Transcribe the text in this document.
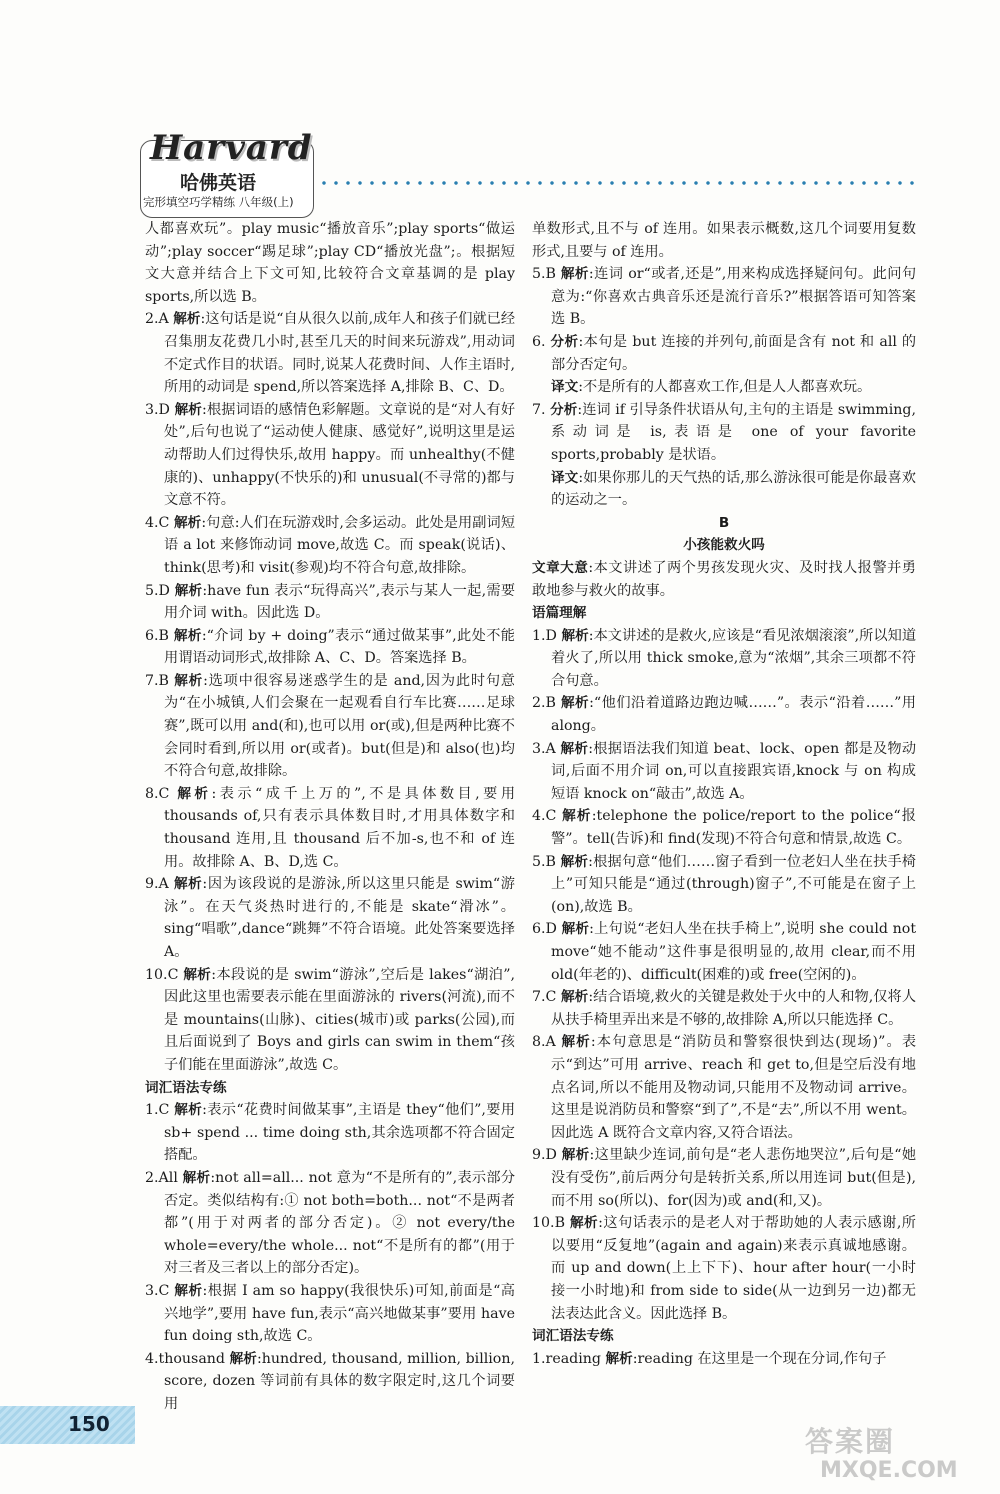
Harvard
哈佛英语
完形填空巧学精练 八年级(上)
人都喜欢玩”。play music“播放音乐”;play sports“做运动”;play soccer“踢足球”;play CD“播放光盘”;。根据短文大意并结合上下文可知,比较符合文章基调的是 play sports,所以选 B。
2.A 解析:这句话是说“自从很久以前,成年人和孩子们就已经召集朋友花费几小时,甚至几天的时间来玩游戏”,用动词不定式作目的状语。同时,说某人花费时间、人作主语时,所用的动词是 spend,所以答案选择 A,排除 B、C、D。
3.D 解析:根据词语的感情色彩解题。文章说的是“对人有好处”,后句也说了“运动使人健康、感觉好”,说明这里是运动帮助人们过得快乐,故用 happy。而 unhealthy(不健康的)、unhappy(不快乐的)和 unusual(不寻常的)都与文意不符。
4.C 解析:句意:人们在玩游戏时,会多运动。此处是用副词短语 a lot 来修饰动词 move,故选 C。而 speak(说话)、think(思考)和 visit(参观)均不符合句意,故排除。
5.D 解析:have fun 表示“玩得高兴”,表示与某人一起,需要用介词 with。因此选 D。
6.B 解析:“介词 by + doing”表示“通过做某事”,此处不能用谓语动词形式,故排除 A、C、D。答案选择 B。
7.B 解析:选项中很容易迷惑学生的是 and,因为此时句意为“在小城镇,人们会聚在一起观看自行车比赛……足球赛”,既可以用 and(和),也可以用 or(或),但是两种比赛不会同时看到,所以用 or(或者)。but(但是)和 also(也)均不符合句意,故排除。
8.C 解析:表示“成千上万的”,不是具体数目,要用 thousands of,只有表示具体数目时,才用具体数字和 thousand 连用,且 thousand 后不加-s,也不和 of 连用。故排除 A、B、D,选 C。
9.A 解析:因为该段说的是游泳,所以这里只能是 swim“游泳”。在天气炎热时进行的,不能是 skate“滑冰”。sing“唱歌”,dance“跳舞”不符合语境。此处答案要选择 A。
10.C 解析:本段说的是 swim“游泳”,空后是 lakes“湖泊”,因此这里也需要表示能在里面游泳的 rivers(河流),而不是 mountains(山脉)、cities(城市)或 parks(公园),而且后面说到了 Boys and girls can swim in them“孩子们能在里面游泳”,故选 C。
词汇语法专练
1.C 解析:表示“花费时间做某事”,主语是 they“他们”,要用 sb+ spend ... time doing sth,其余选项都不符合固定搭配。
2.All 解析:not all=all... not 意为“不是所有的”,表示部分否定。类似结构有:① not both=both... not“不是两者都”(用于对两者的部分否定)。② not every/the whole=every/the whole... not“不是所有的都”(用于对三者及三者以上的部分否定)。
3.C 解析:根据 I am so happy(我很快乐)可知,前面是“高兴地学”,要用 have fun,表示“高兴地做某事”要用 have fun doing sth,故选 C。
4.thousand 解析:hundred, thousand, million, billion, score, dozen 等词前有具体的数字限定时,这几个词要用
单数形式,且不与 of 连用。如果表示概数,这几个词要用复数形式,且要与 of 连用。
5.B 解析:连词 or“或者,还是”,用来构成选择疑问句。此问句意为:“你喜欢古典音乐还是流行音乐?”根据答语可知答案选 B。
6. 分析:本句是 but 连接的并列句,前面是含有 not 和 all 的部分否定句。
译文:不是所有的人都喜欢工作,但是人人都喜欢玩。
7. 分析:连词 if 引导条件状语从句,主句的主语是 swimming,系动词是 is,表语是 one of your favorite sports,probably 是状语。
译文:如果你那儿的天气热的话,那么游泳很可能是你最喜欢的运动之一。
B
小孩能救火吗
文章大意:本文讲述了两个男孩发现火灾、及时找人报警并勇敢地参与救火的故事。
语篇理解
1.D 解析:本文讲述的是救火,应该是“看见浓烟滚滚”,所以知道着火了,所以用 thick smoke,意为“浓烟”,其余三项都不符合句意。
2.B 解析:“他们沿着道路边跑边喊……”。表示“沿着……”用 along。
3.A 解析:根据语法我们知道 beat、lock、open 都是及物动词,后面不用介词 on,可以直接跟宾语,knock 与 on 构成短语 knock on“敲击”,故选 A。
4.C 解析:telephone the police/report to the police“报警”。tell(告诉)和 find(发现)不符合句意和情景,故选 C。
5.B 解析:根据句意“他们……窗子看到一位老妇人坐在扶手椅上”可知只能是“通过(through)窗子”,不可能是在窗子上(on),故选 B。
6.D 解析:上句说“老妇人坐在扶手椅上”,说明 she could not move“她不能动”这件事是很明显的,故用 clear,而不用 old(年老的)、difficult(困难的)或 free(空闲的)。
7.C 解析:结合语境,救火的关键是救处于火中的人和物,仅将人从扶手椅里弄出来是不够的,故排除 A,所以只能选择 C。
8.A 解析:本句意思是“消防员和警察很快到达(现场)”。表示“到达”可用 arrive、reach 和 get to,但是空后没有地点名词,所以不能用及物动词,只能用不及物动词 arrive。这里是说消防员和警察“到了”,不是“去”,所以不用 went。因此选 A 既符合文章内容,又符合语法。
9.D 解析:这里缺少连词,前句是“老人悲伤地哭泣”,后句是“她没有受伤”,前后两分句是转折关系,所以用连词 but(但是),而不用 so(所以)、for(因为)或 and(和,又)。
10.B 解析:这句话表示的是老人对于帮助她的人表示感谢,所以要用“反复地”(again and again)来表示真诚地感谢。而 up and down(上上下下)、hour after hour(一小时接一小时地)和 from side to side(从一边到另一边)都无法表达此含义。因此选择 B。
词汇语法专练
1.reading 解析:reading 在这里是一个现在分词,作句子
150
答案圈
MXQE.COM
